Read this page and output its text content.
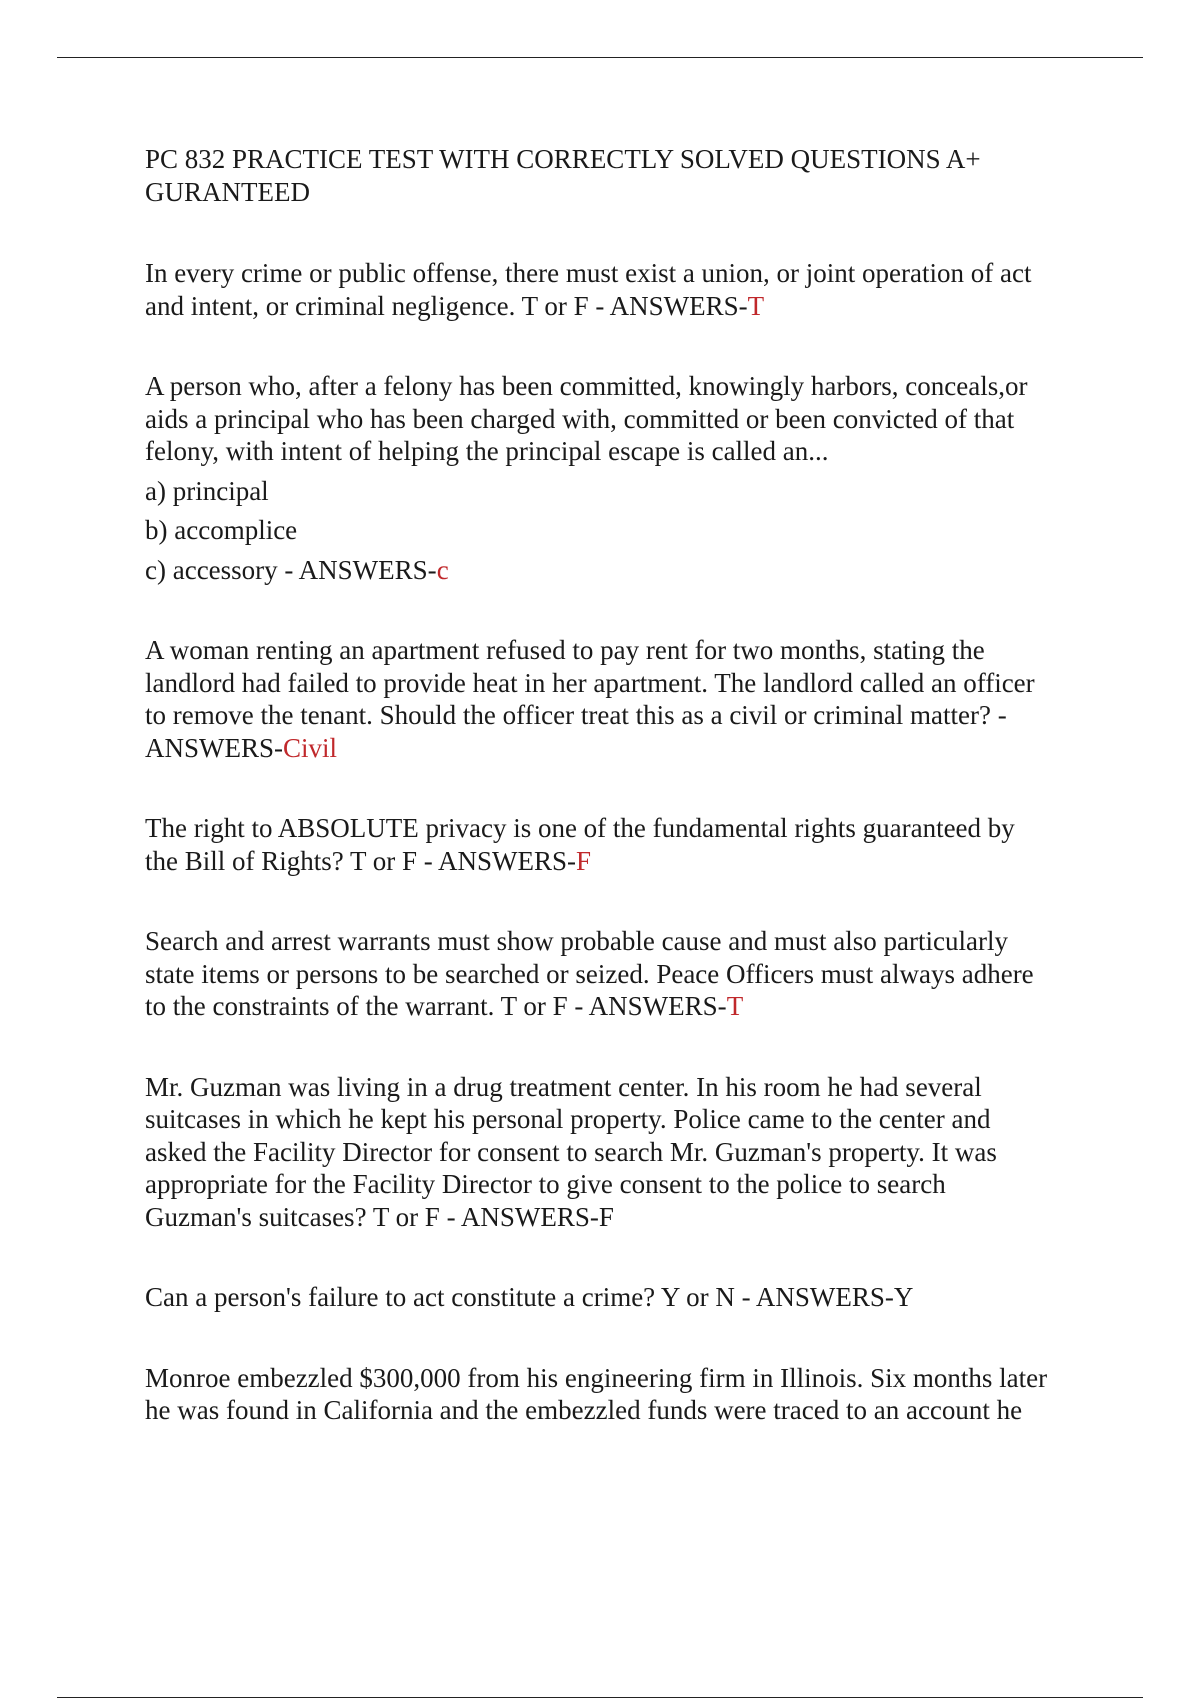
PC 832 PRACTICE TEST WITH CORRECTLY SOLVED QUESTIONS A+
GURANTEED
In every crime or public offense, there must exist a union, or joint operation of act
and intent, or criminal negligence. T or F - ANSWERS-T
A person who, after a felony has been committed, knowingly harbors, conceals,or
aids a principal who has been charged with, committed or been convicted of that
felony, with intent of helping the principal escape is called an...
a) principal
b) accomplice
c) accessory - ANSWERS-c
A woman renting an apartment refused to pay rent for two months, stating the
landlord had failed to provide heat in her apartment. The landlord called an officer
to remove the tenant. Should the officer treat this as a civil or criminal matter? -
ANSWERS-Civil
The right to ABSOLUTE privacy is one of the fundamental rights guaranteed by
the Bill of Rights? T or F - ANSWERS-F
Search and arrest warrants must show probable cause and must also particularly
state items or persons to be searched or seized. Peace Officers must always adhere
to the constraints of the warrant. T or F - ANSWERS-T
Mr. Guzman was living in a drug treatment center. In his room he had several
suitcases in which he kept his personal property. Police came to the center and
asked the Facility Director for consent to search Mr. Guzman's property. It was
appropriate for the Facility Director to give consent to the police to search
Guzman's suitcases? T or F - ANSWERS-F
Can a person's failure to act constitute a crime? Y or N - ANSWERS-Y
Monroe embezzled $300,000 from his engineering firm in Illinois. Six months later
he was found in California and the embezzled funds were traced to an account he
